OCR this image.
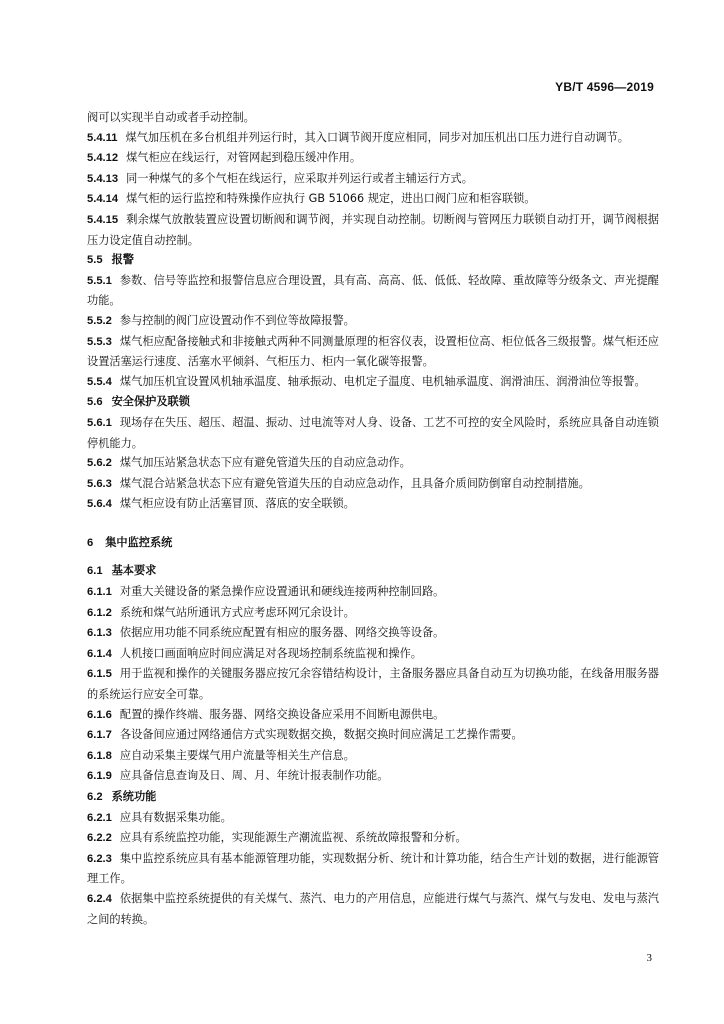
YB/T 4596—2019

阀可以实现半自动或者手动控制。

5.4.11 煤气加压机在多台机组并列运行时，其入口调节阀开度应相同，同步对加压机出口压力进行自动调节。

5.4.12 煤气柜应在线运行，对管网起到稳压缓冲作用。

5.4.13 同一种煤气的多个气柜在线运行，应采取并列运行或者主辅运行方式。

5.4.14 煤气柜的运行监控和特殊操作应执行 GB 51066 规定，进出口阀门应和柜容联锁。

5.4.15 剩余煤气放散装置应设置切断阀和调节阀，并实现自动控制。切断阀与管网压力联锁自动打开，调节阀根据压力设定值自动控制。

5.5 报警

5.5.1 参数、信号等监控和报警信息应合理设置，具有高、高高、低、低低、轻故障、重故障等分级条文、声光提醒功能。

5.5.2 参与控制的阀门应设置动作不到位等故障报警。

5.5.3 煤气柜应配备接触式和非接触式两种不同测量原理的柜容仪表，设置柜位高、柜位低各三级报警。煤气柜还应设置活塞运行速度、活塞水平倾斜、气柜压力、柜内一氧化碳等报警。

5.5.4 煤气加压机宜设置风机轴承温度、轴承振动、电机定子温度、电机轴承温度、润滑油压、润滑油位等报警。

5.6 安全保护及联锁

5.6.1 现场存在失压、超压、超温、振动、过电流等对人身、设备、工艺不可控的安全风险时，系统应具备自动连锁停机能力。

5.6.2 煤气加压站紧急状态下应有避免管道失压的自动应急动作。

5.6.3 煤气混合站紧急状态下应有避免管道失压的自动应急动作，且具备介质间防倒窜自动控制措施。

5.6.4 煤气柜应设有防止活塞冒顶、落底的安全联锁。

6 集中监控系统

6.1 基本要求

6.1.1 对重大关键设备的紧急操作应设置通讯和硬线连接两种控制回路。

6.1.2 系统和煤气站所通讯方式应考虑环网冗余设计。

6.1.3 依据应用功能不同系统应配置有相应的服务器、网络交换等设备。

6.1.4 人机接口画面响应时间应满足对各现场控制系统监视和操作。

6.1.5 用于监视和操作的关键服务器应按冗余容错结构设计，主备服务器应具备自动互为切换功能，在线备用服务器的系统运行应安全可靠。

6.1.6 配置的操作终端、服务器、网络交换设备应采用不间断电源供电。

6.1.7 各设备间应通过网络通信方式实现数据交换，数据交换时间应满足工艺操作需要。

6.1.8 应自动采集主要煤气用户流量等相关生产信息。

6.1.9 应具备信息查询及日、周、月、年统计报表制作功能。

6.2 系统功能

6.2.1 应具有数据采集功能。

6.2.2 应具有系统监控功能，实现能源生产潮流监视、系统故障报警和分析。

6.2.3 集中监控系统应具有基本能源管理功能，实现数据分析、统计和计算功能，结合生产计划的数据，进行能源管理工作。

6.2.4 依据集中监控系统提供的有关煤气、蒸汽、电力的产用信息，应能进行煤气与蒸汽、煤气与发电、发电与蒸汽之间的转换。

3
